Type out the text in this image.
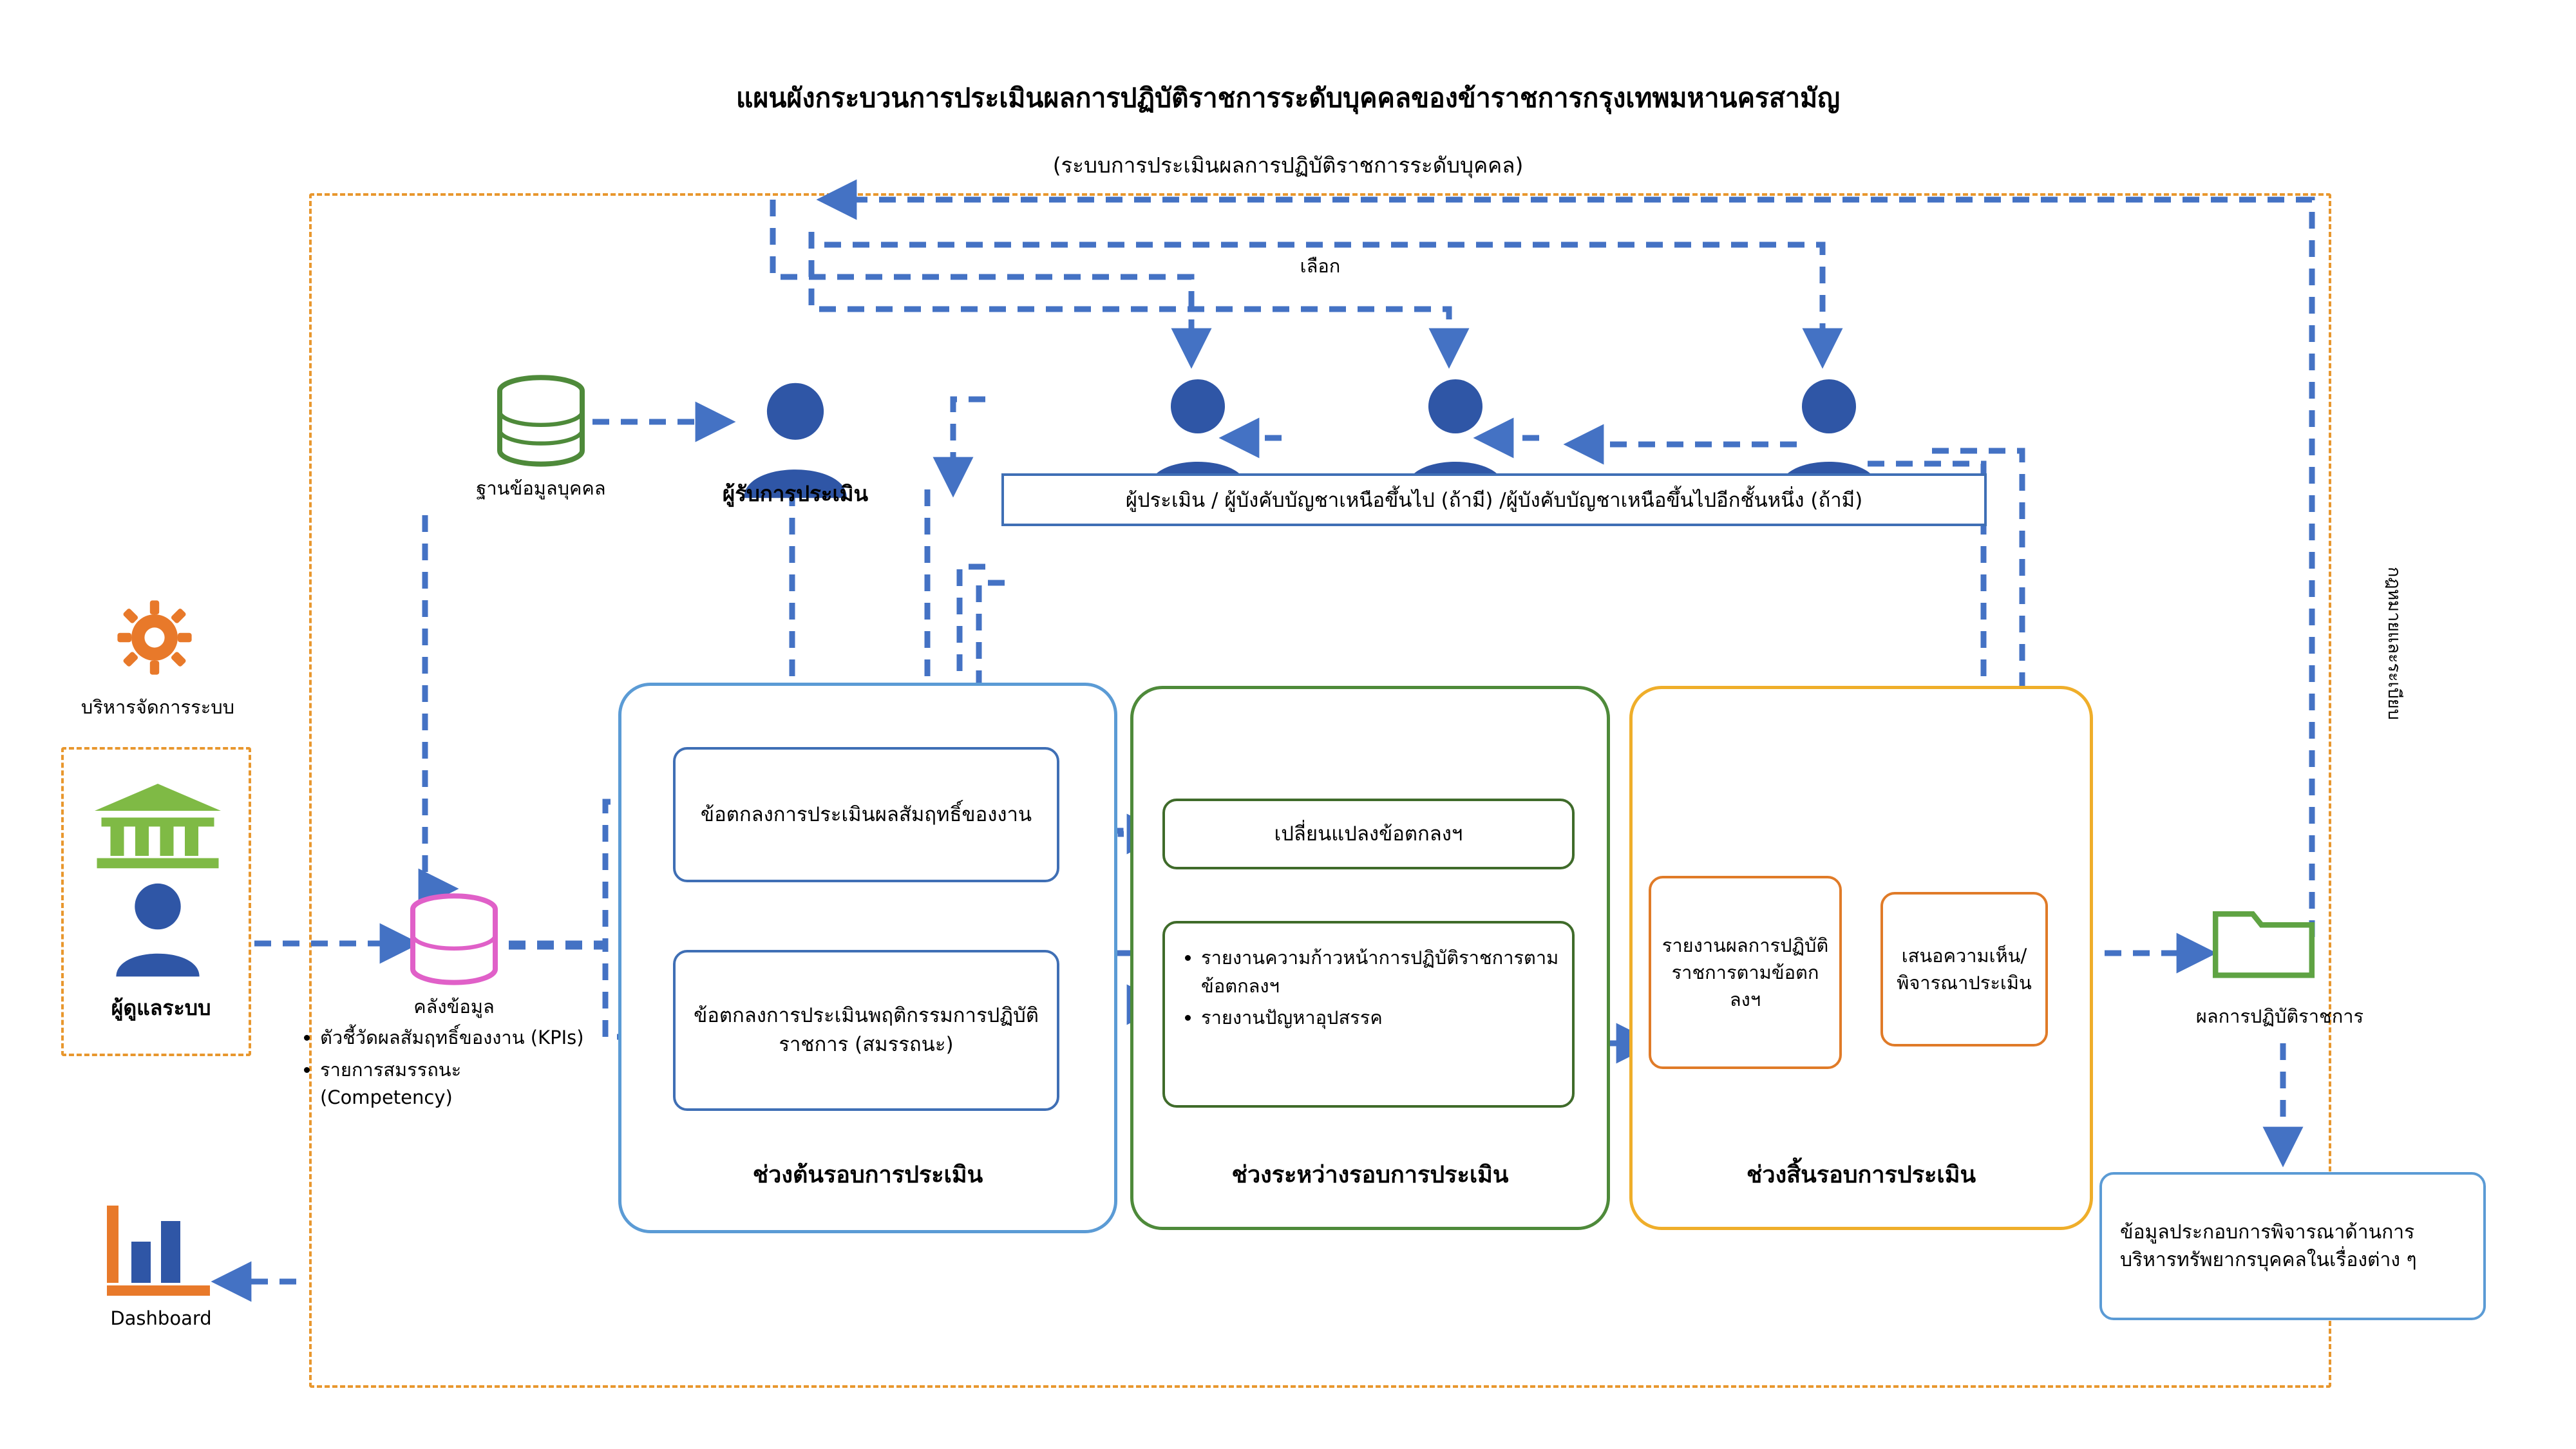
แผนผังกระบวนการประเมินผลการปฏิบัติราชการระดับบุคคลของข้าราชการกรุงเทพมหานครสามัญ
(ระบบการประเมินผลการปฏิบัติราชการระดับบุคคล)
บริหารจัดการระบบ
ผู้ดูแลระบบ
Dashboard
ฐานข้อมูลบุคคล
คลังข้อมูล
• ตัวชี้วัดผลสัมฤทธิ์ของงาน (KPIs)
• รายการสมรรถนะ (Competency)
ผู้รับการประเมิน
เลือก
ผู้ประเมิน / ผู้บังคับบัญชาเหนือขึ้นไป (ถ้ามี) /ผู้บังคับบัญชาเหนือขึ้นไปอีกชั้นหนึ่ง (ถ้ามี)
ข้อตกลงการประเมินผลสัมฤทธิ์ของงาน
ข้อตกลงการประเมินพฤติกรรมการปฏิบัติราชการ (สมรรถนะ)
ช่วงต้นรอบการประเมิน
เปลี่ยนแปลงข้อตกลงฯ
• รายงานความก้าวหน้าการปฏิบัติราชการตามข้อตกลงฯ
• รายงานปัญหาอุปสรรค
ช่วงระหว่างรอบการประเมิน
รายงานผลการปฏิบัติราชการตามข้อตกลงฯ
เสนอความเห็น/พิจารณาประเมิน
ช่วงสิ้นรอบการประเมิน
ผลการปฏิบัติราชการ
ข้อมูลประกอบการพิจารณาด้านการบริหารทรัพยากรบุคคลในเรื่องต่าง ๆ
กฎหมายและระเบียบ
